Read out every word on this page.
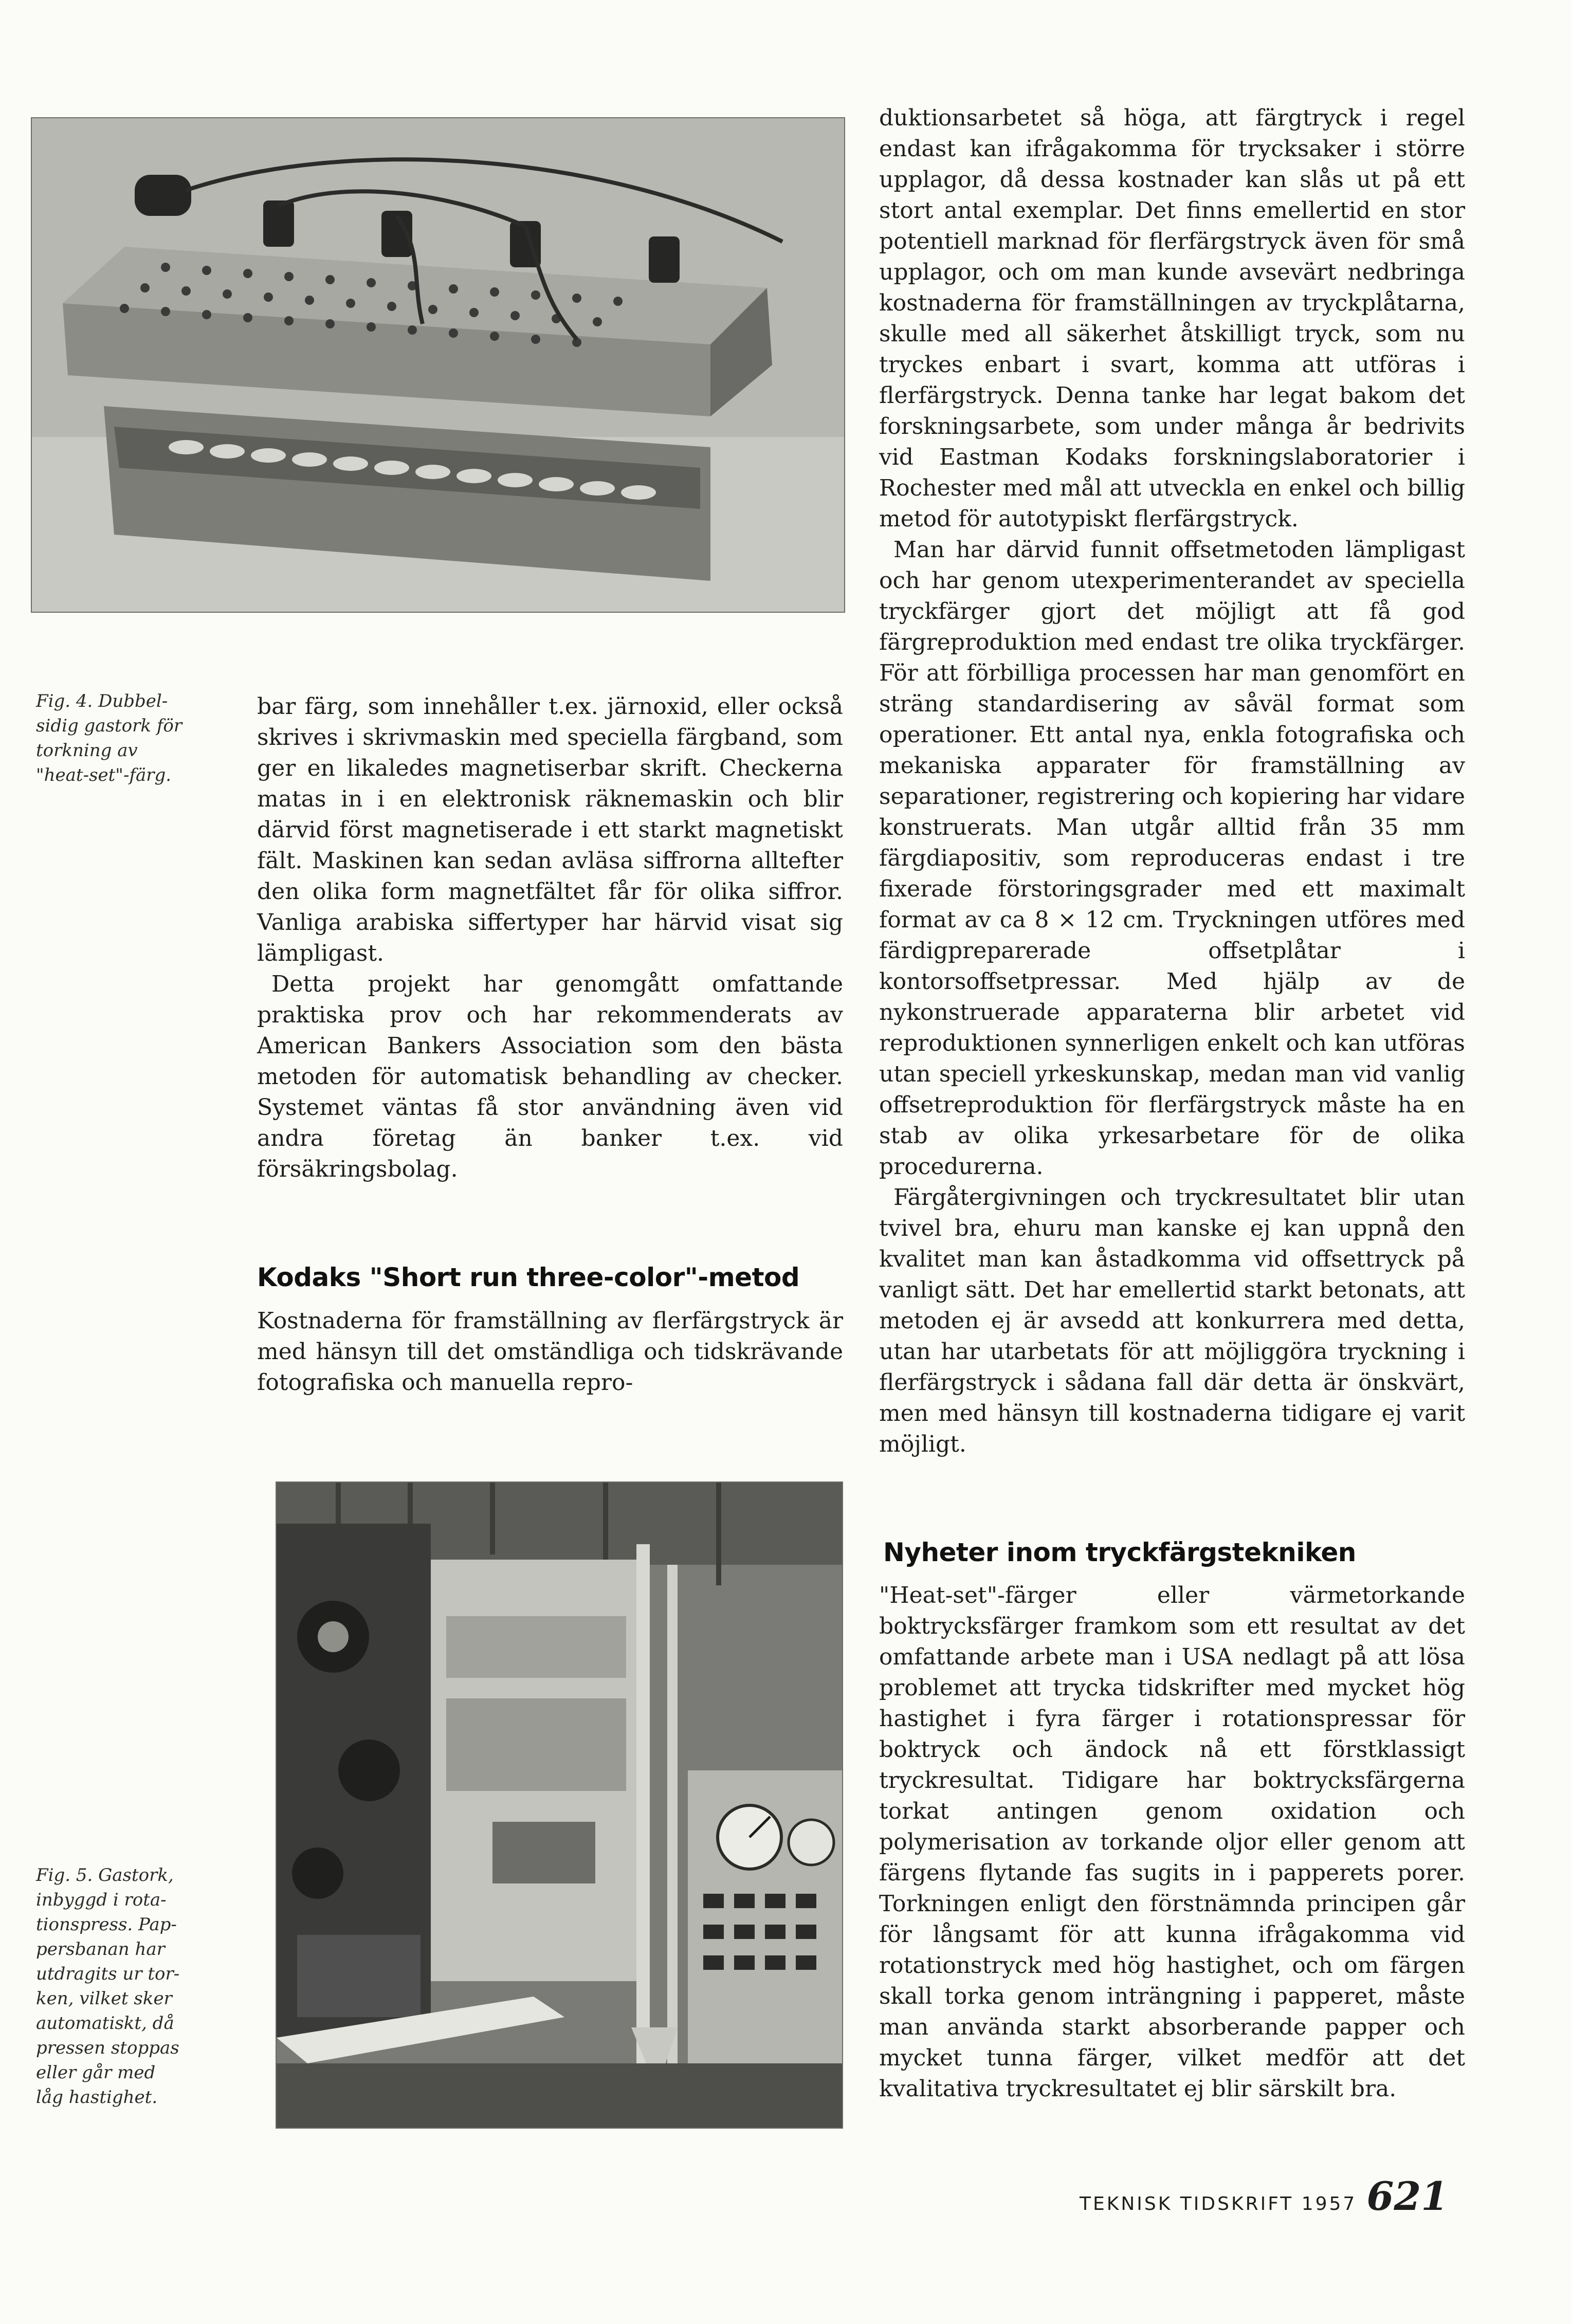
Fig. 4. Dubbel-
sidig gastork för
torkning av
"heat-set"-färg.
Fig. 5. Gastork,
inbyggd i rota-
tionspress. Pap-
persbanan har
utdragits ur tor-
ken, vilket sker
automatiskt, då
pressen stoppas
eller går med
låg hastighet.

bar färg, som innehåller t.ex. järnoxid, eller också skrives i skrivmaskin med speciella färgband, som ger en likaledes magnetiserbar skrift. Checkerna matas in i en elektronisk räknemaskin och blir därvid först magnetiserade i ett starkt magnetiskt fält. Maskinen kan sedan avläsa siffrorna alltefter den olika form magnetfältet får för olika siffror. Vanliga arabiska siffertyper har härvid visat sig lämpligast.

Detta projekt har genomgått omfattande praktiska prov och har rekommenderats av American Bankers Association som den bästa metoden för automatisk behandling av checker. Systemet väntas få stor användning även vid andra företag än banker t.ex. vid försäkringsbolag.

Kodaks "Short run three-color"-metod

Kostnaderna för framställning av flerfärgstryck är med hänsyn till det omständliga och tidskrävande fotografiska och manuella repro-

duktionsarbetet så höga, att färgtryck i regel endast kan ifrågakomma för trycksaker i större upplagor, då dessa kostnader kan slås ut på ett stort antal exemplar. Det finns emellertid en stor potentiell marknad för flerfärgstryck även för små upplagor, och om man kunde avsevärt nedbringa kostnaderna för framställningen av tryckplåtarna, skulle med all säkerhet åtskilligt tryck, som nu tryckes enbart i svart, komma att utföras i flerfärgstryck. Denna tanke har legat bakom det forskningsarbete, som under många år bedrivits vid Eastman Kodaks forskningslaboratorier i Rochester med mål att utveckla en enkel och billig metod för autotypiskt flerfärgstryck.

Man har därvid funnit offsetmetoden lämpligast och har genom utexperimenterandet av speciella tryckfärger gjort det möjligt att få god färgreproduktion med endast tre olika tryckfärger. För att förbilliga processen har man genomfört en sträng standardisering av såväl format som operationer. Ett antal nya, enkla fotografiska och mekaniska apparater för framställning av separationer, registrering och kopiering har vidare konstruerats. Man utgår alltid från 35 mm färgdiapositiv, som reproduceras endast i tre fixerade förstoringsgrader med ett maximalt format av ca 8 × 12 cm. Tryckningen utföres med färdigpreparerade offsetplåtar i kontorsoffsetpressar. Med hjälp av de nykonstruerade apparaterna blir arbetet vid reproduktionen synnerligen enkelt och kan utföras utan speciell yrkeskunskap, medan man vid vanlig offsetreproduktion för flerfärgstryck måste ha en stab av olika yrkesarbetare för de olika procedurerna.

Färgåtergivningen och tryckresultatet blir utan tvivel bra, ehuru man kanske ej kan uppnå den kvalitet man kan åstadkomma vid offsettryck på vanligt sätt. Det har emellertid starkt betonats, att metoden ej är avsedd att konkurrera med detta, utan har utarbetats för att möjliggöra tryckning i flerfärgstryck i sådana fall där detta är önskvärt, men med hänsyn till kostnaderna tidigare ej varit möjligt.

Nyheter inom tryckfärgstekniken

"Heat-set"-färger eller värmetorkande boktrycksfärger framkom som ett resultat av det omfattande arbete man i USA nedlagt på att lösa problemet att trycka tidskrifter med mycket hög hastighet i fyra färger i rotationspressar för boktryck och ändock nå ett förstklassigt tryckresultat. Tidigare har boktrycksfärgerna torkat antingen genom oxidation och polymerisation av torkande oljor eller genom att färgens flytande fas sugits in i papperets porer. Torkningen enligt den förstnämnda principen går för långsamt för att kunna ifrågakomma vid rotationstryck med hög hastighet, och om färgen skall torka genom inträngning i papperet, måste man använda starkt absorberande papper och mycket tunna färger, vilket medför att det kvalitativa tryckresultatet ej blir särskilt bra.

TEKNISK TIDSKRIFT 1957 621
